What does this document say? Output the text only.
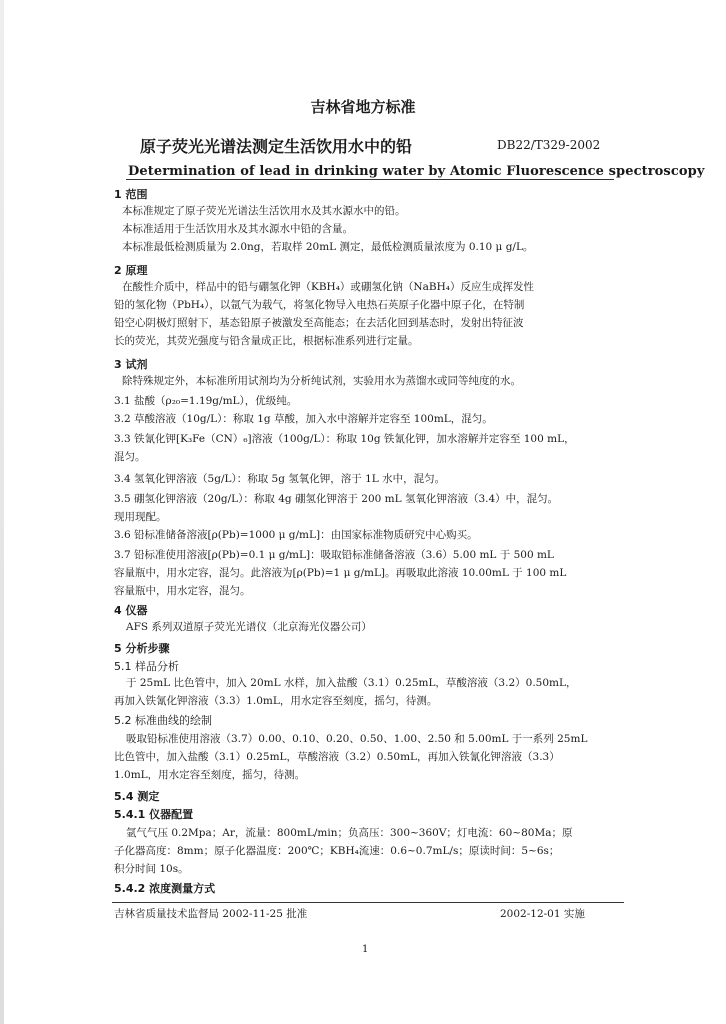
吉林省地方标准
原子荧光光谱法测定生活饮用水中的铅	DB22/T329-2002
Determination of lead in drinking water by Atomic Fluorescence spectroscopy
1 范围
本标准规定了原子荧光光谱法生活饮用水及其水源水中的铅。
本标准适用于生活饮用水及其水源水中铅的含量。
本标准最低检测质量为 2.0ng，若取样 20mL 测定，最低检测质量浓度为 0.10 μ g/L。
2 原理
在酸性介质中，样品中的铅与硼氢化钾（KBH₄）或硼氢化钠（NaBH₄）反应生成挥发性
铅的氢化物（PbH₄），以氩气为载气，将氢化物导入电热石英原子化器中原子化，在特制
铅空心阴极灯照射下，基态铅原子被激发至高能态；在去活化回到基态时，发射出特征波
长的荧光，其荧光强度与铅含量成正比，根据标准系列进行定量。
3 试剂
除特殊规定外，本标准所用试剂均为分析纯试剂，实验用水为蒸馏水或同等纯度的水。
3.1 盐酸（ρ₂₀=1.19g/mL），优级纯。
3.2 草酸溶液（10g/L）：称取 1g 草酸，加入水中溶解并定容至 100mL，混匀。
3.3 铁氰化钾[K₃Fe（CN）₆]溶液（100g/L）：称取 10g 铁氰化钾，加水溶解并定容至 100 mL，
混匀。
3.4 氢氧化钾溶液（5g/L）：称取 5g 氢氧化钾，溶于 1L 水中，混匀。
3.5 硼氢化钾溶液（20g/L）：称取 4g 硼氢化钾溶于 200 mL 氢氧化钾溶液（3.4）中，混匀。
现用现配。
3.6 铅标准储备溶液[ρ(Pb)=1000 μ g/mL]：由国家标准物质研究中心购买。
3.7 铅标准使用溶液[ρ(Pb)=0.1 μ g/mL]：吸取铅标准储备溶液（3.6）5.00 mL 于 500 mL
容量瓶中，用水定容，混匀。此溶液为[ρ(Pb)=1 μ g/mL]。再吸取此溶液 10.00mL 于 100 mL
容量瓶中，用水定容，混匀。
4 仪器
AFS 系列双道原子荧光光谱仪（北京海光仪器公司）
5 分析步骤
5.1 样品分析
于 25mL 比色管中，加入 20mL 水样，加入盐酸（3.1）0.25mL，草酸溶液（3.2）0.50mL，
再加入铁氰化钾溶液（3.3）1.0mL，用水定容至刻度，摇匀，待测。
5.2 标准曲线的绘制
吸取铅标准使用溶液（3.7）0.00、0.10、0.20、0.50、1.00、2.50 和 5.00mL 于一系列 25mL
比色管中，加入盐酸（3.1）0.25mL，草酸溶液（3.2）0.50mL，再加入铁氰化钾溶液（3.3）
1.0mL，用水定容至刻度，摇匀，待测。
5.4 测定
5.4.1 仪器配置
氩气气压 0.2Mpa；Ar，流量：800mL/min；负高压：300~360V；灯电流：60~80Ma；原
子化器高度：8mm；原子化器温度：200℃；KBH₄流速：0.6~0.7mL/s；原读时间：5~6s；
积分时间 10s。
5.4.2 浓度测量方式
吉林省质量技术监督局 2002-11-25 批准	2002-12-01 实施
1
